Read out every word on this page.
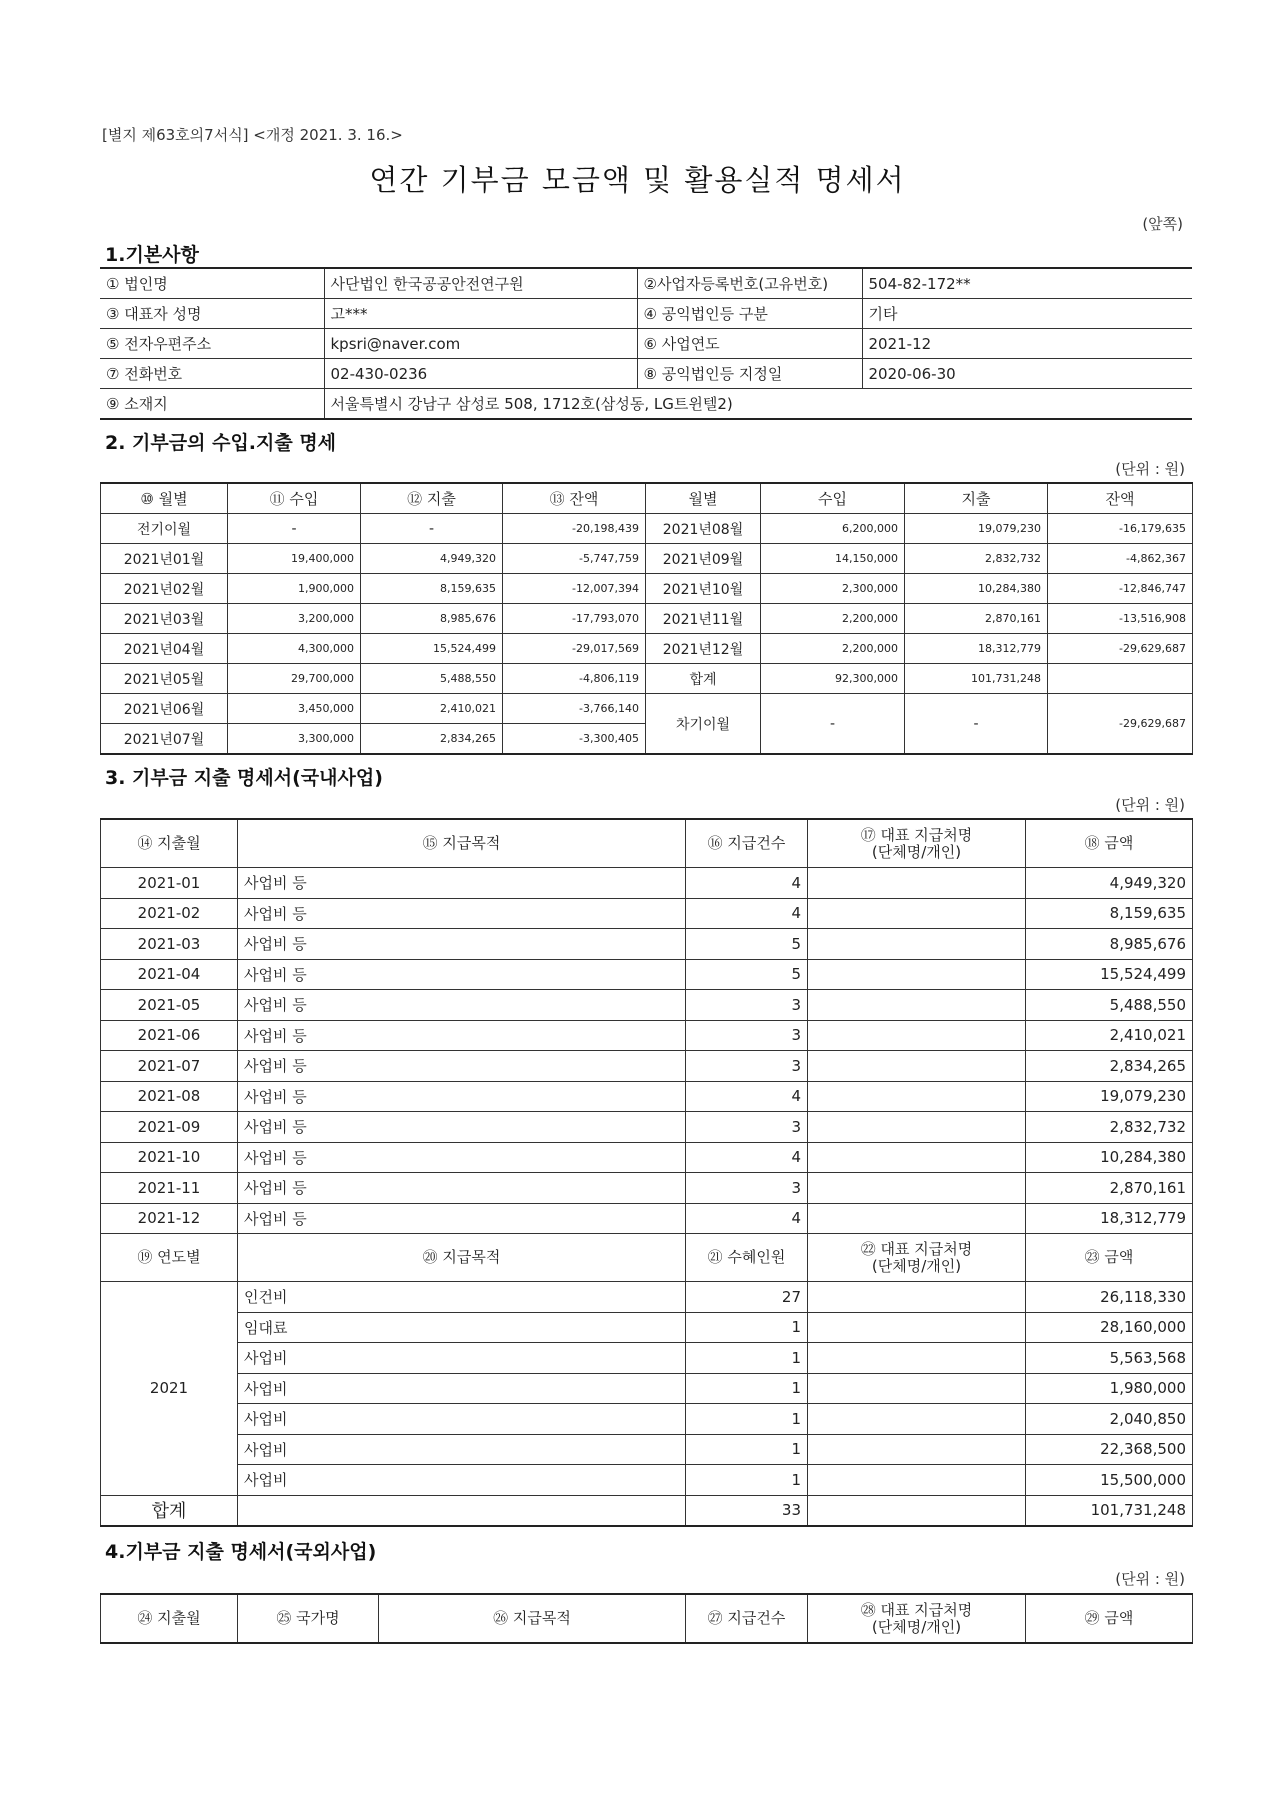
[별지 제63호의7서식] <개정 2021. 3. 16.>
연간 기부금 모금액 및 활용실적 명세서
(앞쪽)
1.기본사항
① 법인명	사단법인 한국공공안전연구원	②사업자등록번호(고유번호)	504-82-172**
③ 대표자 성명	고***	④ 공익법인등 구분	기타
⑤ 전자우편주소	kpsri@naver.com	⑥ 사업연도	2021-12
⑦ 전화번호	02-430-0236	⑧ 공익법인등 지정일	2020-06-30
⑨ 소재지	서울특별시 강남구 삼성로 508, 1712호(삼성동, LG트윈텔2)		
2. 기부금의 수입.지출 명세
(단위 : 원)
⑩ 월별	⑪ 수입	⑫ 지출	⑬ 잔액	월별	수입	지출	잔액
전기이월	-	-	-20,198,439	2021년08월	6,200,000	19,079,230	-16,179,635
2021년01월	19,400,000	4,949,320	-5,747,759	2021년09월	14,150,000	2,832,732	-4,862,367
2021년02월	1,900,000	8,159,635	-12,007,394	2021년10월	2,300,000	10,284,380	-12,846,747
2021년03월	3,200,000	8,985,676	-17,793,070	2021년11월	2,200,000	2,870,161	-13,516,908
2021년04월	4,300,000	15,524,499	-29,017,569	2021년12월	2,200,000	18,312,779	-29,629,687
2021년05월	29,700,000	5,488,550	-4,806,119	합계	92,300,000	101,731,248	
2021년06월	3,450,000	2,410,021	-3,766,140	차기이월	-	-	-29,629,687
2021년07월	3,300,000	2,834,265	-3,300,405				
3. 기부금 지출 명세서(국내사업)
(단위 : 원)
⑭ 지출월	⑮ 지급목적	⑯ 지급건수	⑰ 대표 지급처명
(단체명/개인)	⑱ 금액
2021-01	사업비 등	4		4,949,320
2021-02	사업비 등	4		8,159,635
2021-03	사업비 등	5		8,985,676
2021-04	사업비 등	5		15,524,499
2021-05	사업비 등	3		5,488,550
2021-06	사업비 등	3		2,410,021
2021-07	사업비 등	3		2,834,265
2021-08	사업비 등	4		19,079,230
2021-09	사업비 등	3		2,832,732
2021-10	사업비 등	4		10,284,380
2021-11	사업비 등	3		2,870,161
2021-12	사업비 등	4		18,312,779
⑲ 연도별	⑳ 지급목적	㉑ 수혜인원	㉒ 대표 지급처명
(단체명/개인)	㉓ 금액
2021	인건비	27		26,118,330
	임대료	1		28,160,000
	사업비	1		5,563,568
	사업비	1		1,980,000
	사업비	1		2,040,850
	사업비	1		22,368,500
	사업비	1		15,500,000
합계		33		101,731,248
4.기부금 지출 명세서(국외사업)
(단위 : 원)
㉔ 지출월	㉕ 국가명	㉖ 지급목적	㉗ 지급건수	㉘ 대표 지급처명
(단체명/개인)	㉙ 금액
